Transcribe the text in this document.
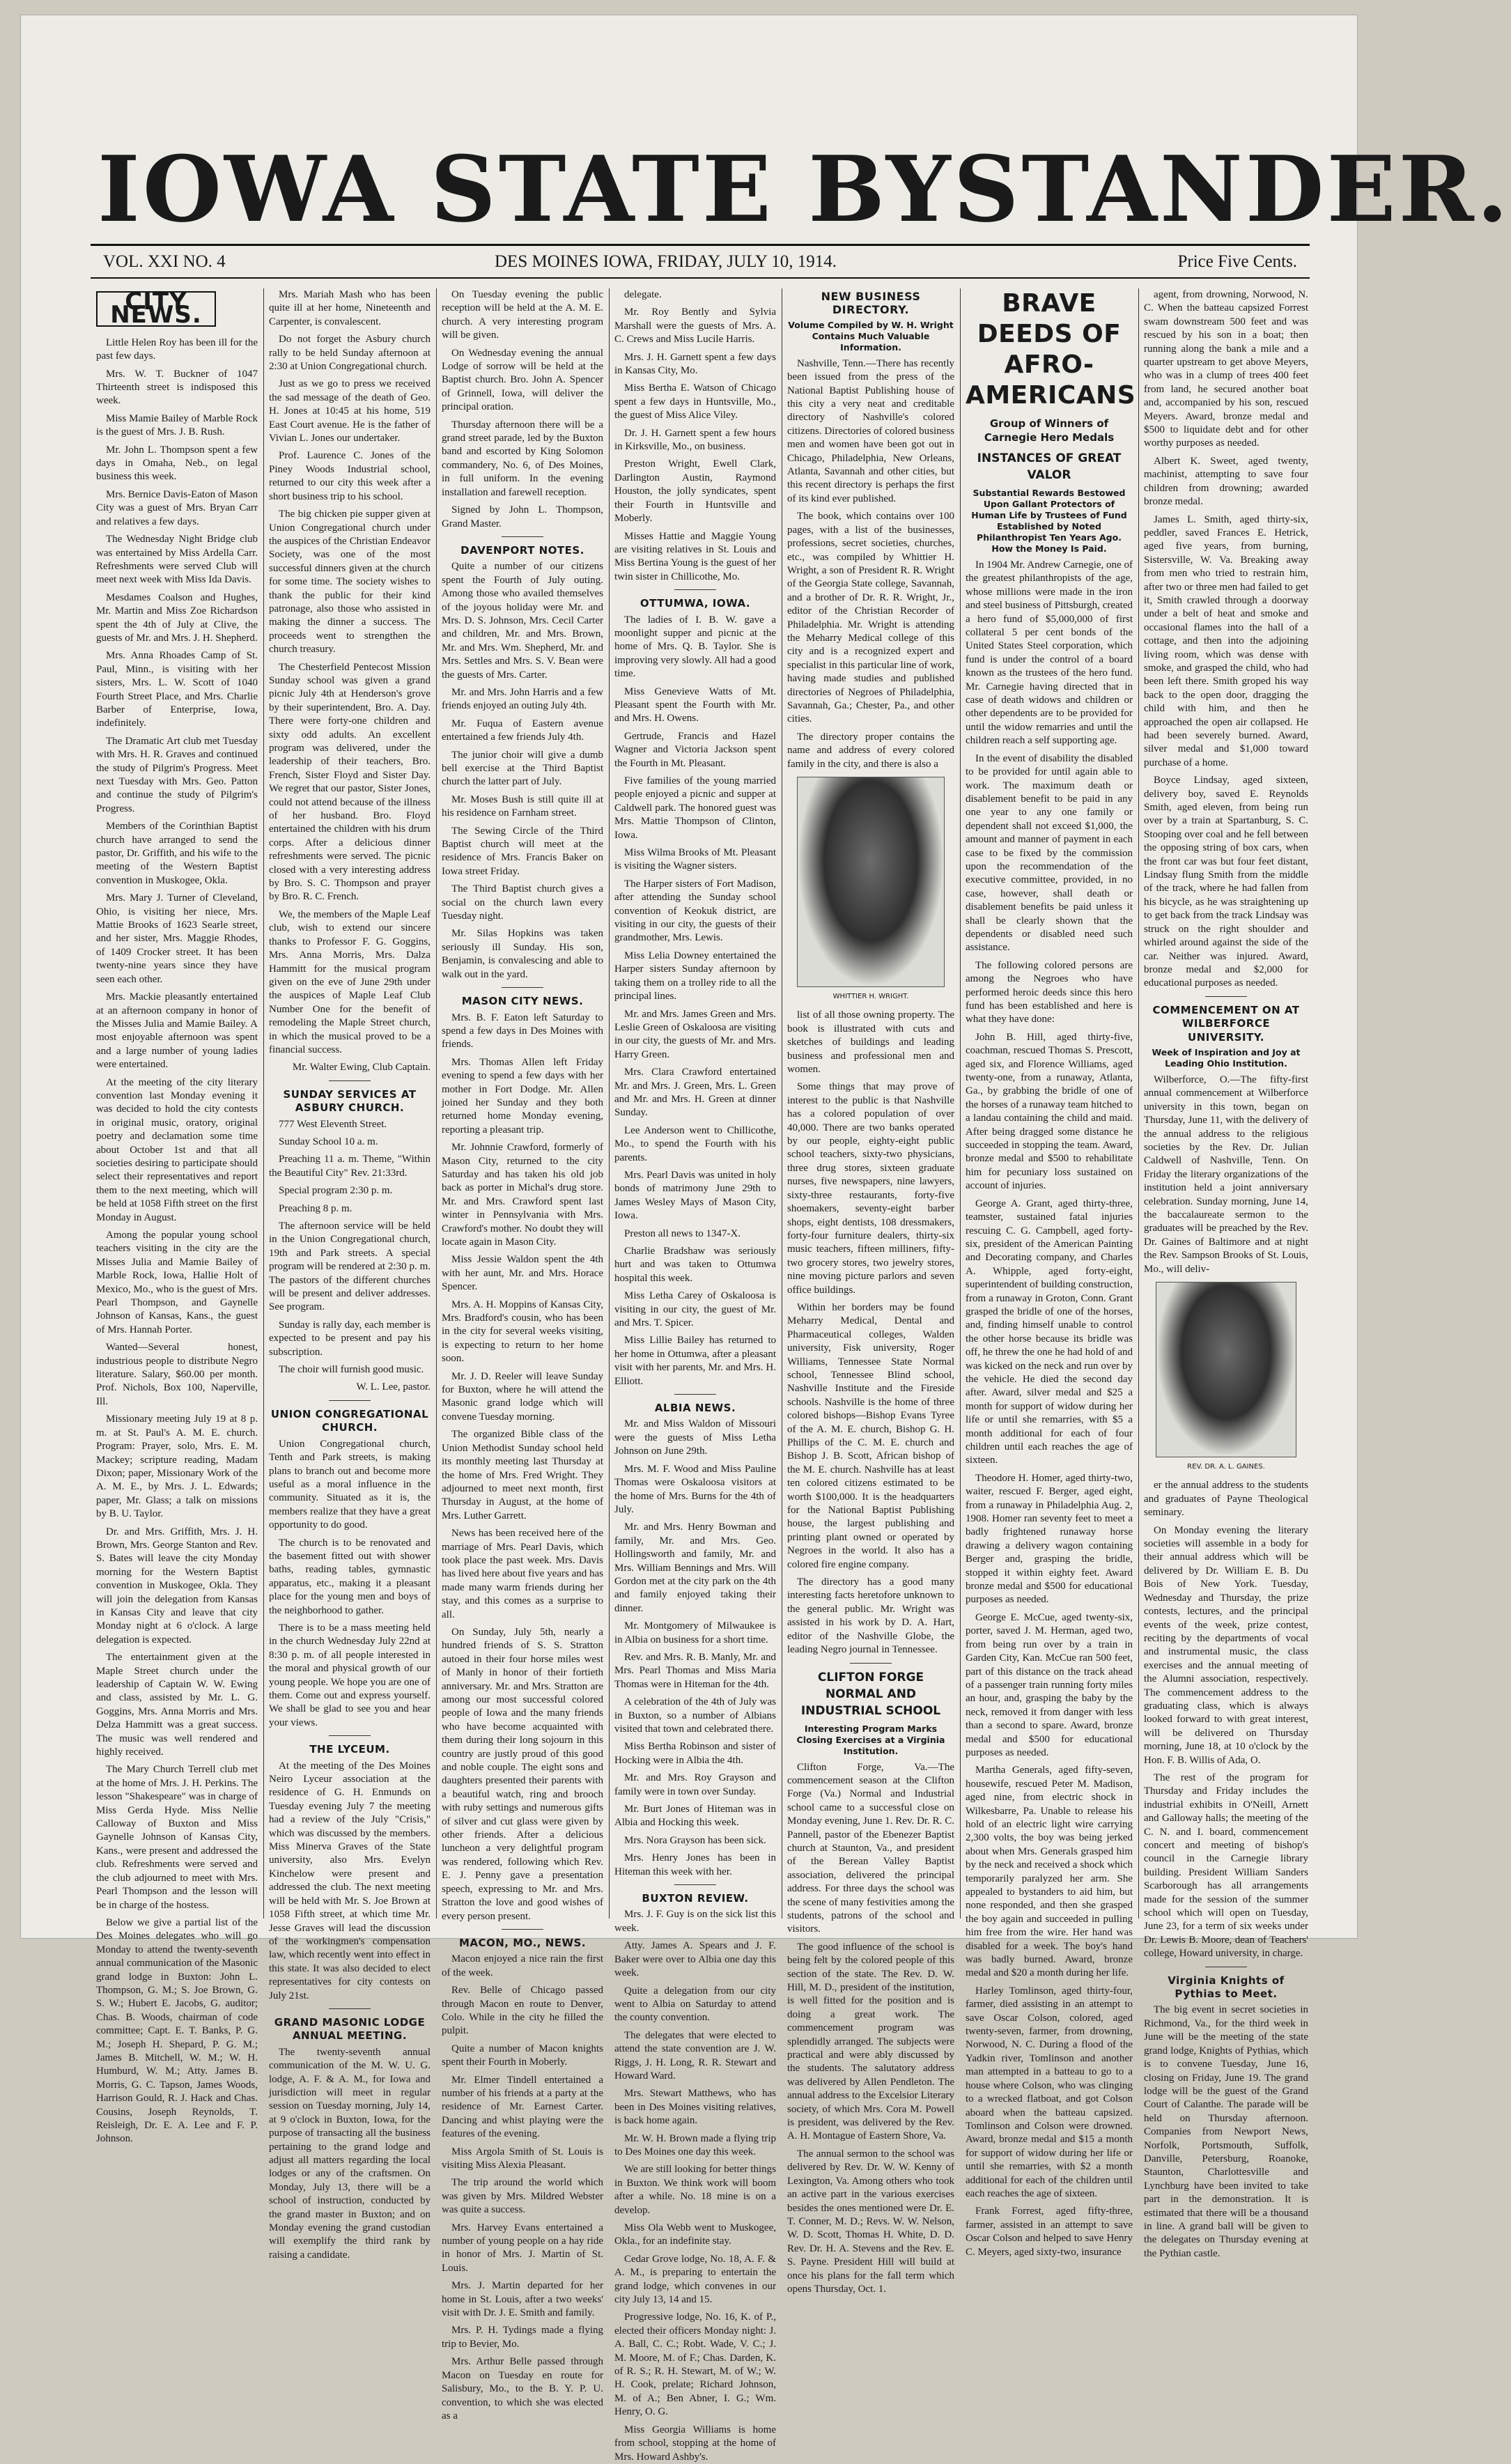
IOWA STATE BYSTANDER.
VOL. XXI NO. 4	DES MOINES IOWA, FRIDAY, JULY 10, 1914.	Price Five Cents.
CITY NEWS.

Little Helen Roy has been ill for the past few days.

Mrs. W. T. Buckner of 1047 Thirteenth street is indisposed this week.

Miss Mamie Bailey of Marble Rock is the guest of Mrs. J. B. Rush.

Mr. John L. Thompson spent a few days in Omaha, Neb., on legal business this week.

Mrs. Bernice Davis-Eaton of Mason City was a guest of Mrs. Bryan Carr and relatives a few days.

The Wednesday Night Bridge club was entertained by Miss Ardella Carr. Refreshments were served Club will meet next week with Miss Ida Davis.

Mesdames Coalson and Hughes, Mr. Martin and Miss Zoe Richardson spent the 4th of July at Clive, the guests of Mr. and Mrs. J. H. Shepherd.

Mrs. Anna Rhoades Camp of St. Paul, Minn., is visiting with her sisters, Mrs. L. W. Scott of 1040 Fourth Street Place, and Mrs. Charlie Barber of Enterprise, Iowa, indefinitely.

The Dramatic Art club met Tuesday with Mrs. H. R. Graves and continued the study of Pilgrim's Progress. Meet next Tuesday with Mrs. Geo. Patton and continue the study of Pilgrim's Progress.

Members of the Corinthian Baptist church have arranged to send the pastor, Dr. Griffith, and his wife to the meeting of the Western Baptist convention in Muskogee, Okla.

Mrs. Mary J. Turner of Cleveland, Ohio, is visiting her niece, Mrs. Mattie Brooks of 1623 Searle street, and her sister, Mrs. Maggie Rhodes, of 1409 Crocker street. It has been twenty-nine years since they have seen each other.

Mrs. Mackie pleasantly entertained at an afternoon company in honor of the Misses Julia and Mamie Bailey. A most enjoyable afternoon was spent and a large number of young ladies were entertained.

At the meeting of the city literary convention last Monday evening it was decided to hold the city contests in original music, oratory, original poetry and declamation some time about October 1st and that all societies desiring to participate should select their representatives and report them to the next meeting, which will be held at 1058 Fifth street on the first Monday in August.

Among the popular young school teachers visiting in the city are the Misses Julia and Mamie Bailey of Marble Rock, Iowa, Hallie Holt of Mexico, Mo., who is the guest of Mrs. Pearl Thompson, and Gaynelle Johnson of Kansas, Kans., the guest of Mrs. Hannah Porter.

Wanted—Several honest, industrious people to distribute Negro literature. Salary, $60.00 per month. Prof. Nichols, Box 100, Naperville, Ill.

Missionary meeting July 19 at 8 p. m. at St. Paul's A. M. E. church. Program: Prayer, solo, Mrs. E. M. Mackey; scripture reading, Madam Dixon; paper, Missionary Work of the A. M. E., by Mrs. J. L. Edwards; paper, Mr. Glass; a talk on missions by B. U. Taylor.

Dr. and Mrs. Griffith, Mrs. J. H. Brown, Mrs. George Stanton and Rev. S. Bates will leave the city Monday morning for the Western Baptist convention in Muskogee, Okla. They will join the delegation from Kansas in Kansas City and leave that city Monday night at 6 o'clock. A large delegation is expected.

The entertainment given at the Maple Street church under the leadership of Captain W. W. Ewing and class, assisted by Mr. L. G. Goggins, Mrs. Anna Morris and Mrs. Delza Hammitt was a great success. The music was well rendered and highly received.

The Mary Church Terrell club met at the home of Mrs. J. H. Perkins. The lesson "Shakespeare" was in charge of Miss Gerda Hyde. Miss Nellie Calloway of Buxton and Miss Gaynelle Johnson of Kansas City, Kans., were present and addressed the club. Refreshments were served and the club adjourned to meet with Mrs. Pearl Thompson and the lesson will be in charge of the hostess.

Below we give a partial list of the Des Moines delegates who will go Monday to attend the twenty-seventh annual communication of the Masonic grand lodge in Buxton: John L. Thompson, G. M.; S. Joe Brown, G. S. W.; Hubert E. Jacobs, G. auditor; Chas. B. Woods, chairman of code committee; Capt. E. T. Banks, P. G. M.; Joseph H. Shepard, P. G. M.; James B. Mitchell, W. M.; W. H. Humburd, W. M.; Atty. James B. Morris, G. C. Tapson, James Woods, Harrison Gould, R. J. Hack and Chas. Cousins, Joseph Reynolds, T. Reisleigh, Dr. E. A. Lee and F. P. Johnson.

Mrs. Mariah Mash who has been quite ill at her home, Nineteenth and Carpenter, is convalescent.

Do not forget the Asbury church rally to be held Sunday afternoon at 2:30 at Union Congregational church.

Just as we go to press we received the sad message of the death of Geo. H. Jones at 10:45 at his home, 519 East Court avenue. He is the father of Vivian L. Jones our undertaker.

Prof. Laurence C. Jones of the Piney Woods Industrial school, returned to our city this week after a short business trip to his school.

The big chicken pie supper given at Union Congregational church under the auspices of the Christian Endeavor Society, was one of the most successful dinners given at the church for some time. The society wishes to thank the public for their kind patronage, also those who assisted in making the dinner a success. The proceeds went to strengthen the church treasury.

The Chesterfield Pentecost Mission Sunday school was given a grand picnic July 4th at Henderson's grove by their superintendent, Bro. A. Day. There were forty-one children and sixty odd adults. An excellent program was delivered, under the leadership of their teachers, Bro. French, Sister Floyd and Sister Day. We regret that our pastor, Sister Jones, could not attend because of the illness of her husband. Bro. Floyd entertained the children with his drum corps. After a delicious dinner refreshments were served. The picnic closed with a very interesting address by Bro. S. C. Thompson and prayer by Bro. R. C. French.

We, the members of the Maple Leaf club, wish to extend our sincere thanks to Professor F. G. Goggins, Mrs. Anna Morris, Mrs. Dalza Hammitt for the musical program given on the eve of June 29th under the auspices of Maple Leaf Club Number One for the benefit of remodeling the Maple Street church, in which the musical proved to be a financial success.

Mr. Walter Ewing, Club Captain.
SUNDAY SERVICES AT ASBURY CHURCH.

777 West Eleventh Street.

Sunday School 10 a. m.

Preaching 11 a. m. Theme, "Within the Beautiful City" Rev. 21:33rd.

Special program 2:30 p. m.

Preaching 8 p. m.

The afternoon service will be held in the Union Congregational church, 19th and Park streets. A special program will be rendered at 2:30 p. m. The pastors of the different churches will be present and deliver addresses. See program.

Sunday is rally day, each member is expected to be present and pay his subscription.

The choir will furnish good music.

W. L. Lee, pastor.
UNION CONGREGATIONAL CHURCH.

Union Congregational church, Tenth and Park streets, is making plans to branch out and become more useful as a moral influence in the community. Situated as it is, the members realize that they have a great opportunity to do good.

The church is to be renovated and the basement fitted out with shower baths, reading tables, gymnastic apparatus, etc., making it a pleasant place for the young men and boys of the neighborhood to gather.

There is to be a mass meeting held in the church Wednesday July 22nd at 8:30 p. m. of all people interested in the moral and physical growth of our young people. We hope you are one of them. Come out and express yourself. We shall be glad to see you and hear your views.

THE LYCEUM.

At the meeting of the Des Moines Neiro Lyceur association at the residence of G. H. Enmunds on Tuesday evening July 7 the meeting had a review of the July "Crisis," which was discussed by the members. Miss Minerva Graves of the State university, also Mrs. Evelyn Kinchelow were present and addressed the club. The next meeting will be held with Mr. S. Joe Brown at 1058 Fifth street, at which time Mr. Jesse Graves will lead the discussion of the workingmen's compensation law, which recently went into effect in this state. It was also decided to elect representatives for city contests on July 21st.

GRAND MASONIC LODGE ANNUAL MEETING.

The twenty-seventh annual communication of the M. W. U. G. lodge, A. F. & A. M., for Iowa and jurisdiction will meet in regular session on Tuesday morning, July 14, at 9 o'clock in Buxton, Iowa, for the purpose of transacting all the business pertaining to the grand lodge and adjust all matters regarding the local lodges or any of the craftsmen. On Monday, July 13, there will be a school of instruction, conducted by the grand master in Buxton; and on Monday evening the grand custodian will exemplify the third rank by raising a candidate.

On Tuesday evening the public reception will be held at the A. M. E. church. A very interesting program will be given.

On Wednesday evening the annual Lodge of sorrow will be held at the Baptist church. Bro. John A. Spencer of Grinnell, Iowa, will deliver the principal oration.

Thursday afternoon there will be a grand street parade, led by the Buxton band and escorted by King Solomon commandery, No. 6, of Des Moines, in full uniform. In the evening installation and farewell reception.

Signed by John L. Thompson, Grand Master.

DAVENPORT NOTES.

Quite a number of our citizens spent the Fourth of July outing. Among those who availed themselves of the joyous holiday were Mr. and Mrs. D. S. Johnson, Mrs. Cecil Carter and children, Mr. and Mrs. Brown, Mr. and Mrs. Wm. Shepherd, Mr. and Mrs. Settles and Mrs. S. V. Bean were the guests of Mrs. Carter.

Mr. and Mrs. John Harris and a few friends enjoyed an outing July 4th.

Mr. Fuqua of Eastern avenue entertained a few friends July 4th.

The junior choir will give a dumb bell exercise at the Third Baptist church the latter part of July.

Mr. Moses Bush is still quite ill at his residence on Farnham street.

The Sewing Circle of the Third Baptist church will meet at the residence of Mrs. Francis Baker on Iowa street Friday.

The Third Baptist church gives a social on the church lawn every Tuesday night.

Mr. Silas Hopkins was taken seriously ill Sunday. His son, Benjamin, is convalescing and able to walk out in the yard.

MASON CITY NEWS.

Mrs. B. F. Eaton left Saturday to spend a few days in Des Moines with friends.

Mrs. Thomas Allen left Friday evening to spend a few days with her mother in Fort Dodge. Mr. Allen joined her Sunday and they both returned home Monday evening, reporting a pleasant trip.

Mr. Johnnie Crawford, formerly of Mason City, returned to the city Saturday and has taken his old job back as porter in Michal's drug store. Mr. and Mrs. Crawford spent last winter in Pennsylvania with Mrs. Crawford's mother. No doubt they will locate again in Mason City.

Miss Jessie Waldon spent the 4th with her aunt, Mr. and Mrs. Horace Spencer.

Mrs. A. H. Moppins of Kansas City, Mrs. Bradford's cousin, who has been in the city for several weeks visiting, is expecting to return to her home soon.

Mr. J. D. Reeler will leave Sunday for Buxton, where he will attend the Masonic grand lodge which will convene Tuesday morning.

The organized Bible class of the Union Methodist Sunday school held its monthly meeting last Thursday at the home of Mrs. Fred Wright. They adjourned to meet next month, first Thursday in August, at the home of Mrs. Luther Garrett.

News has been received here of the marriage of Mrs. Pearl Davis, which took place the past week. Mrs. Davis has lived here about five years and has made many warm friends during her stay, and this comes as a surprise to all.

On Sunday, July 5th, nearly a hundred friends of S. S. Stratton autoed in their four horse miles west of Manly in honor of their fortieth anniversary. Mr. and Mrs. Stratton are among our most successful colored people of Iowa and the many friends who have become acquainted with them during their long sojourn in this country are justly proud of this good and noble couple. The eight sons and daughters presented their parents with a beautiful watch, ring and brooch with ruby settings and numerous gifts of silver and cut glass were given by other friends. After a delicious luncheon a very delightful program was rendered, following which Rev. E. J. Penny gave a presentation speech, expressing to Mr. and Mrs. Stratton the love and good wishes of every person present.

MACON, MO., NEWS.

Macon enjoyed a nice rain the first of the week.

Rev. Belle of Chicago passed through Macon en route to Denver, Colo. While in the city he filled the pulpit.

Quite a number of Macon knights spent their Fourth in Moberly.

Mr. Elmer Tindell entertained a number of his friends at a party at the residence of Mr. Earnest Carter. Dancing and whist playing were the features of the evening.

Miss Argola Smith of St. Louis is visiting Miss Alexia Pleasant.

The trip around the world which was given by Mrs. Mildred Webster was quite a success.

Mrs. Harvey Evans entertained a number of young people on a hay ride in honor of Mrs. J. Martin of St. Louis.

Mrs. J. Martin departed for her home in St. Louis, after a two weeks' visit with Dr. J. E. Smith and family.

Mrs. P. H. Tydings made a flying trip to Bevier, Mo.

Mrs. Arthur Belle passed through Macon on Tuesday en route for Salisbury, Mo., to the B. Y. P. U. convention, to which she was elected as a

delegate.

Mr. Roy Bently and Sylvia Marshall were the guests of Mrs. A. C. Crews and Miss Lucile Harris.

Mrs. J. H. Garnett spent a few days in Kansas City, Mo.

Miss Bertha E. Watson of Chicago spent a few days in Huntsville, Mo., the guest of Miss Alice Viley.

Dr. J. H. Garnett spent a few hours in Kirksville, Mo., on business.

Preston Wright, Ewell Clark, Darlington Austin, Raymond Houston, the jolly syndicates, spent their Fourth in Huntsville and Moberly.

Misses Hattie and Maggie Young are visiting relatives in St. Louis and Miss Bertina Young is the guest of her twin sister in Chillicothe, Mo.

OTTUMWA, IOWA.

The ladies of I. B. W. gave a moonlight supper and picnic at the home of Mrs. Q. B. Taylor. She is improving very slowly. All had a good time.

Miss Genevieve Watts of Mt. Pleasant spent the Fourth with Mr. and Mrs. H. Owens.

Gertrude, Francis and Hazel Wagner and Victoria Jackson spent the Fourth in Mt. Pleasant.

Five families of the young married people enjoyed a picnic and supper at Caldwell park. The honored guest was Mrs. Mattie Thompson of Clinton, Iowa.

Miss Wilma Brooks of Mt. Pleasant is visiting the Wagner sisters.

The Harper sisters of Fort Madison, after attending the Sunday school convention of Keokuk district, are visiting in our city, the guests of their grandmother, Mrs. Lewis.

Miss Lelia Downey entertained the Harper sisters Sunday afternoon by taking them on a trolley ride to all the principal lines.

Mr. and Mrs. James Green and Mrs. Leslie Green of Oskaloosa are visiting in our city, the guests of Mr. and Mrs. Harry Green.

Mrs. Clara Crawford entertained Mr. and Mrs. J. Green, Mrs. L. Green and Mr. and Mrs. H. Green at dinner Sunday.

Lee Anderson went to Chillicothe, Mo., to spend the Fourth with his parents.

Mrs. Pearl Davis was united in holy bonds of matrimony June 29th to James Wesley Mays of Mason City, Iowa.

Preston all news to 1347-X.

Charlie Bradshaw was seriously hurt and was taken to Ottumwa hospital this week.

Miss Letha Carey of Oskaloosa is visiting in our city, the guest of Mr. and Mrs. T. Spicer.

Miss Lillie Bailey has returned to her home in Ottumwa, after a pleasant visit with her parents, Mr. and Mrs. H. Elliott.

ALBIA NEWS.

Mr. and Miss Waldon of Missouri were the guests of Miss Letha Johnson on June 29th.

Mrs. M. F. Wood and Miss Pauline Thomas were Oskaloosa visitors at the home of Mrs. Burns for the 4th of July.

Mr. and Mrs. Henry Bowman and family, Mr. and Mrs. Geo. Hollingsworth and family, Mr. and Mrs. William Bennings and Mrs. Will Gordon met at the city park on the 4th and family enjoyed taking their dinner.

Mr. Montgomery of Milwaukee is in Albia on business for a short time.

Rev. and Mrs. R. B. Manly, Mr. and Mrs. Pearl Thomas and Miss Maria Thomas were in Hiteman for the 4th.

A celebration of the 4th of July was in Buxton, so a number of Albians visited that town and celebrated there.

Miss Bertha Robinson and sister of Hocking were in Albia the 4th.

Mr. and Mrs. Roy Grayson and family were in town over Sunday.

Mr. Burt Jones of Hiteman was in Albia and Hocking this week.

Mrs. Nora Grayson has been sick.

Mrs. Henry Jones has been in Hiteman this week with her.

BUXTON REVIEW.

Mrs. J. F. Guy is on the sick list this week.

Atty. James A. Spears and J. F. Baker were over to Albia one day this week.

Quite a delegation from our city went to Albia on Saturday to attend the county convention.

The delegates that were elected to attend the state convention are J. W. Riggs, J. H. Long, R. R. Stewart and Howard Ward.

Mrs. Stewart Matthews, who has been in Des Moines visiting relatives, is back home again.

Mr. W. H. Brown made a flying trip to Des Moines one day this week.

We are still looking for better things in Buxton. We think work will boom after a while. No. 18 mine is on a develop.

Miss Ola Webb went to Muskogee, Okla., for an indefinite stay.

Cedar Grove lodge, No. 18, A. F. & A. M., is preparing to entertain the grand lodge, which convenes in our city July 13, 14 and 15.

Progressive lodge, No. 16, K. of P., elected their officers Monday night: J. A. Ball, C. C.; Robt. Wade, V. C.; J. M. Moore, M. of F.; Chas. Darden, K. of R. S.; R. H. Stewart, M. of W.; W. H. Cook, prelate; Richard Johnson, M. of A.; Ben Abner, I. G.; Wm. Henry, O. G.

Miss Georgia Williams is home from school, stopping at the home of Mrs. Howard Ashby's.

NEW BUSINESS DIRECTORY.
Volume Compiled by W. H. Wright Contains Much Valuable Information.

Nashville, Tenn.—There has recently been issued from the press of the National Baptist Publishing house of this city a very neat and creditable directory of Nashville's colored citizens. Directories of colored business men and women have been got out in Chicago, Philadelphia, New Orleans, Atlanta, Savannah and other cities, but this recent directory is perhaps the first of its kind ever published.

The book, which contains over 100 pages, with a list of the businesses, professions, secret societies, churches, etc., was compiled by Whittier H. Wright, a son of President R. R. Wright of the Georgia State college, Savannah, and a brother of Dr. R. R. Wright, Jr., editor of the Christian Recorder of Philadelphia. Mr. Wright is attending the Meharry Medical college of this city and is a recognized expert and specialist in this particular line of work, having made studies and published directories of Negroes of Philadelphia, Savannah, Ga.; Chester, Pa., and other cities.

The directory proper contains the name and address of every colored family in the city, and there is also a

WHITTIER H. WRIGHT.

list of all those owning property. The book is illustrated with cuts and sketches of buildings and leading business and professional men and women.

Some things that may prove of interest to the public is that Nashville has a colored population of over 40,000. There are two banks operated by our people, eighty-eight public school teachers, sixty-two physicians, three drug stores, sixteen graduate nurses, five newspapers, nine lawyers, sixty-three restaurants, forty-five shoemakers, seventy-eight barber shops, eight dentists, 108 dressmakers, forty-four furniture dealers, thirty-six music teachers, fifteen milliners, fifty-two grocery stores, two jewelry stores, nine moving picture parlors and seven office buildings.

Within her borders may be found Meharry Medical, Dental and Pharmaceutical colleges, Walden university, Fisk university, Roger Williams, Tennessee State Normal school, Tennessee Blind school, Nashville Institute and the Fireside schools. Nashville is the home of three colored bishops—Bishop Evans Tyree of the A. M. E. church, Bishop G. H. Phillips of the C. M. E. church and Bishop J. B. Scott, African bishop of the M. E. church. Nashville has at least ten colored citizens estimated to be worth $100,000. It is the headquarters for the National Baptist Publishing house, the largest publishing and printing plant owned or operated by Negroes in the world. It also has a colored fire engine company.

The directory has a good many interesting facts heretofore unknown to the general public. Mr. Wright was assisted in his work by D. A. Hart, editor of the Nashville Globe, the leading Negro journal in Tennessee.

CLIFTON FORGE NORMAL AND INDUSTRIAL SCHOOL
Interesting Program Marks Closing Exercises at a Virginia Institution.

Clifton Forge, Va.—The commencement season at the Clifton Forge (Va.) Normal and Industrial school came to a successful close on Monday evening, June 1. Rev. Dr. R. C. Pannell, pastor of the Ebenezer Baptist church at Staunton, Va., and president of the Berean Valley Baptist association, delivered the principal address. For three days the school was the scene of many festivities among the students, patrons of the school and visitors.

The good influence of the school is being felt by the colored people of this section of the state. The Rev. D. W. Hill, M. D., president of the institution, is well fitted for the position and is doing a great work. The commencement program was splendidly arranged. The subjects were practical and were ably discussed by the students. The salutatory address was delivered by Allen Pendleton. The annual address to the Excelsior Literary society, of which Mrs. Cora M. Powell is president, was delivered by the Rev. A. H. Montague of Eastern Shore, Va.

The annual sermon to the school was delivered by Rev. Dr. W. W. Kenny of Lexington, Va. Among others who took an active part in the various exercises besides the ones mentioned were Dr. E. T. Conner, M. D.; Revs. W. W. Nelson, W. D. Scott, Thomas H. White, D. D. Rev. Dr. H. A. Stevens and the Rev. E. S. Payne. President Hill will build at once his plans for the fall term which opens Thursday, Oct. 1.

BRAVE DEEDS OF AFRO-AMERICANS
Group of Winners of Carnegie Hero Medals
INSTANCES OF GREAT VALOR
Substantial Rewards Bestowed Upon Gallant Protectors of Human Life by Trustees of Fund Established by Noted Philanthropist Ten Years Ago. How the Money Is Paid.

In 1904 Mr. Andrew Carnegie, one of the greatest philanthropists of the age, whose millions were made in the iron and steel business of Pittsburgh, created a hero fund of $5,000,000 of first collateral 5 per cent bonds of the United States Steel corporation, which fund is under the control of a board known as the trustees of the hero fund. Mr. Carnegie having directed that in case of death widows and children or other dependents are to be provided for until the widow remarries and until the children reach a self supporting age.

In the event of disability the disabled to be provided for until again able to work. The maximum death or disablement benefit to be paid in any one year to any one family or dependent shall not exceed $1,000, the amount and manner of payment in each case to be fixed by the commission upon the recommendation of the executive committee, provided, in no case, however, shall death or disablement benefits be paid unless it shall be clearly shown that the dependents or disabled need such assistance.

The following colored persons are among the Negroes who have performed heroic deeds since this hero fund has been established and here is what they have done:

John B. Hill, aged thirty-five, coachman, rescued Thomas S. Prescott, aged six, and Florence Williams, aged twenty-one, from a runaway, Atlanta, Ga., by grabbing the bridle of one of the horses of a runaway team hitched to a landau containing the child and maid. After being dragged some distance he succeeded in stopping the team. Award, bronze medal and $500 to rehabilitate him for pecuniary loss sustained on account of injuries.

George A. Grant, aged thirty-three, teamster, sustained fatal injuries rescuing C. G. Campbell, aged forty-six, president of the American Painting and Decorating company, and Charles A. Whipple, aged forty-eight, superintendent of building construction, from a runaway in Groton, Conn. Grant grasped the bridle of one of the horses, and, finding himself unable to control the other horse because its bridle was off, he threw the one he had hold of and was kicked on the neck and run over by the vehicle. He died the second day after. Award, silver medal and $25 a month for support of widow during her life or until she remarries, with $5 a month additional for each of four children until each reaches the age of sixteen.

Theodore H. Homer, aged thirty-two, waiter, rescued F. Berger, aged eight, from a runaway in Philadelphia Aug. 2, 1908. Homer ran seventy feet to meet a badly frightened runaway horse drawing a delivery wagon containing Berger and, grasping the bridle, stopped it within eighty feet. Award bronze medal and $500 for educational purposes as needed.

George E. McCue, aged twenty-six, porter, saved J. M. Herman, aged two, from being run over by a train in Garden City, Kan. McCue ran 500 feet, part of this distance on the track ahead of a passenger train running forty miles an hour, and, grasping the baby by the neck, removed it from danger with less than a second to spare. Award, bronze medal and $500 for educational purposes as needed.

Martha Generals, aged fifty-seven, housewife, rescued Peter M. Madison, aged nine, from electric shock in Wilkesbarre, Pa. Unable to release his hold of an electric light wire carrying 2,300 volts, the boy was being jerked about when Mrs. Generals grasped him by the neck and received a shock which temporarily paralyzed her arm. She appealed to bystanders to aid him, but none responded, and then she grasped the boy again and succeeded in pulling him free from the wire. Her hand was disabled for a week. The boy's hand was badly burned. Award, bronze medal and $20 a month during her life.

Harley Tomlinson, aged thirty-four, farmer, died assisting in an attempt to save Oscar Colson, colored, aged twenty-seven, farmer, from drowning, Norwood, N. C. During a flood of the Yadkin river, Tomlinson and another man attempted in a batteau to go to a house where Colson, who was clinging to a wrecked flatboat, and got Colson aboard when the batteau capsized. Tomlinson and Colson were drowned. Award, bronze medal and $15 a month for support of widow during her life or until she remarries, with $2 a month additional for each of the children until each reaches the age of sixteen.

Frank Forrest, aged fifty-three, farmer, assisted in an attempt to save Oscar Colson and helped to save Henry C. Meyers, aged sixty-two, insurance

agent, from drowning, Norwood, N. C. When the batteau capsized Forrest swam downstream 500 feet and was rescued by his son in a boat; then running along the bank a mile and a quarter upstream to get above Meyers, who was in a clump of trees 400 feet from land, he secured another boat and, accompanied by his son, rescued Meyers. Award, bronze medal and $500 to liquidate debt and for other worthy purposes as needed.

Albert K. Sweet, aged twenty, machinist, attempting to save four children from drowning; awarded bronze medal.

James L. Smith, aged thirty-six, peddler, saved Frances E. Hetrick, aged five years, from burning, Sistersville, W. Va. Breaking away from men who tried to restrain him, after two or three men had failed to get it, Smith crawled through a doorway under a belt of heat and smoke and occasional flames into the hall of a cottage, and then into the adjoining living room, which was dense with smoke, and grasped the child, who had been left there. Smith groped his way back to the open door, dragging the child with him, and then he approached the open air collapsed. He had been severely burned. Award, silver medal and $1,000 toward purchase of a home.

Boyce Lindsay, aged sixteen, delivery boy, saved E. Reynolds Smith, aged eleven, from being run over by a train at Spartanburg, S. C. Stooping over coal and he fell between the opposing string of box cars, when the front car was but four feet distant, Lindsay flung Smith from the middle of the track, where he had fallen from his bicycle, as he was straightening up to get back from the track Lindsay was struck on the right shoulder and whirled around against the side of the car. Neither was injured. Award, bronze medal and $2,000 for educational purposes as needed.

COMMENCEMENT ON AT WILBERFORCE UNIVERSITY.
Week of Inspiration and Joy at Leading Ohio Institution.

Wilberforce, O.—The fifty-first annual commencement at Wilberforce university in this town, began on Thursday, June 11, with the delivery of the annual address to the religious societies by the Rev. Dr. Julian Caldwell of Nashville, Tenn. On Friday the literary organizations of the institution held a joint anniversary celebration. Sunday morning, June 14, the baccalaureate sermon to the graduates will be preached by the Rev. Dr. Gaines of Baltimore and at night the Rev. Sampson Brooks of St. Louis, Mo., will deliv-

REV. DR. A. L. GAINES.

er the annual address to the students and graduates of Payne Theological seminary.

On Monday evening the literary societies will assemble in a body for their annual address which will be delivered by Dr. William E. B. Du Bois of New York. Tuesday, Wednesday and Thursday, the prize contests, lectures, and the principal events of the week, prize contest, reciting by the departments of vocal and instrumental music, the class exercises and the annual meeting of the Alumni association, respectively. The commencement address to the graduating class, which is always looked forward to with great interest, will be delivered on Thursday morning, June 18, at 10 o'clock by the Hon. F. B. Willis of Ada, O.

The rest of the program for Thursday and Friday includes the industrial exhibits in O'Neill, Arnett and Galloway halls; the meeting of the C. N. and I. board, commencement concert and meeting of bishop's council in the Carnegie library building. President William Sanders Scarborough has all arrangements made for the session of the summer school which will open on Tuesday, June 23, for a term of six weeks under Dr. Lewis B. Moore, dean of Teachers' college, Howard university, in charge.

Virginia Knights of Pythias to Meet.

The big event in secret societies in Richmond, Va., for the third week in June will be the meeting of the state grand lodge, Knights of Pythias, which is to convene Tuesday, June 16, closing on Friday, June 19. The grand lodge will be the guest of the Grand Court of Calanthe. The parade will be held on Thursday afternoon. Companies from Newport News, Norfolk, Portsmouth, Suffolk, Danville, Petersburg, Roanoke, Staunton, Charlottesville and Lynchburg have been invited to take part in the demonstration. It is estimated that there will be a thousand in line. A grand ball will be given to the delegates on Thursday evening at the Pythian castle.
